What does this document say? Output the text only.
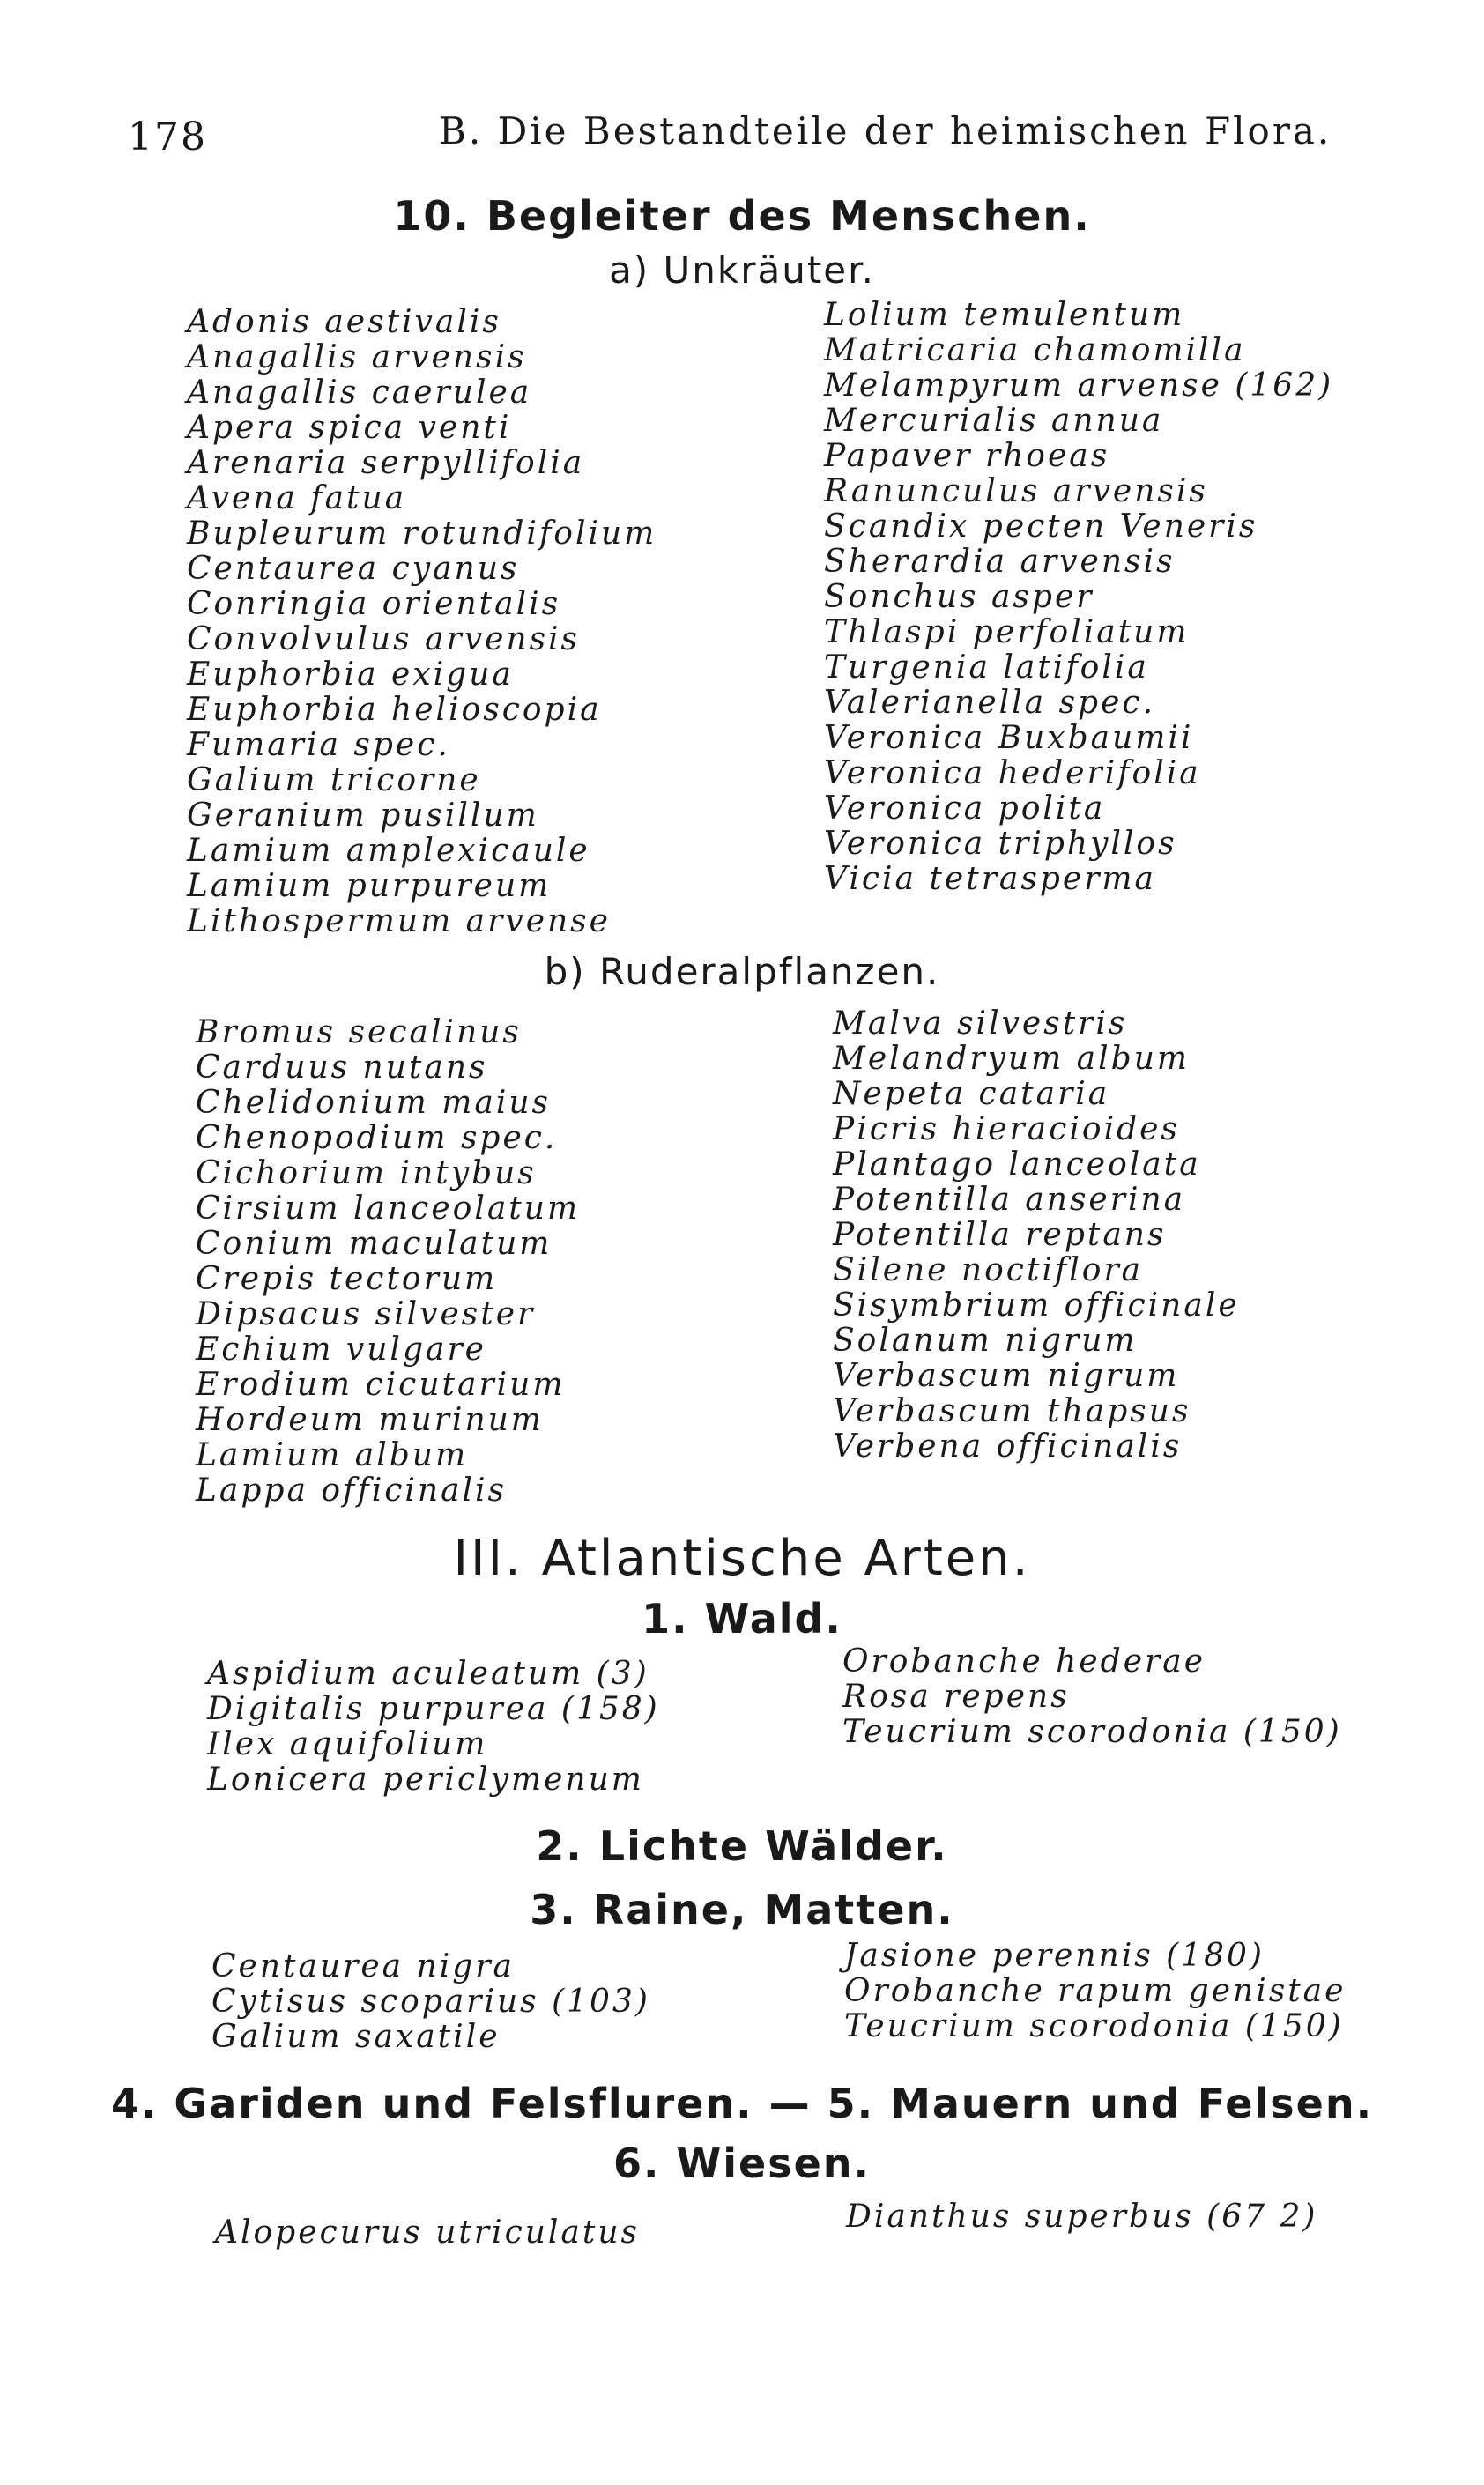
178	B. Die Bestandteile der heimischen Flora.
10. Begleiter des Menschen.
a) Unkräuter.
Adonis aestivalis
Anagallis arvensis
Anagallis caerulea
Apera spica venti
Arenaria serpyllifolia
Avena fatua
Bupleurum rotundifolium
Centaurea cyanus
Conringia orientalis
Convolvulus arvensis
Euphorbia exigua
Euphorbia helioscopia
Fumaria spec.
Galium tricorne
Geranium pusillum
Lamium amplexicaule
Lamium purpureum
Lithospermum arvense
Lolium temulentum
Matricaria chamomilla
Melampyrum arvense (162)
Mercurialis annua
Papaver rhoeas
Ranunculus arvensis
Scandix pecten Veneris
Sherardia arvensis
Sonchus asper
Thlaspi perfoliatum
Turgenia latifolia
Valerianella spec.
Veronica Buxbaumii
Veronica hederifolia
Veronica polita
Veronica triphyllos
Vicia tetrasperma
b) Ruderalpflanzen.
Bromus secalinus
Carduus nutans
Chelidonium maius
Chenopodium spec.
Cichorium intybus
Cirsium lanceolatum
Conium maculatum
Crepis tectorum
Dipsacus silvester
Echium vulgare
Erodium cicutarium
Hordeum murinum
Lamium album
Lappa officinalis
Malva silvestris
Melandryum album
Nepeta cataria
Picris hieracioides
Plantago lanceolata
Potentilla anserina
Potentilla reptans
Silene noctiflora
Sisymbrium officinale
Solanum nigrum
Verbascum nigrum
Verbascum thapsus
Verbena officinalis
III. Atlantische Arten.
1. Wald.
Aspidium aculeatum (3)
Digitalis purpurea (158)
Ilex aquifolium
Lonicera periclymenum
Orobanche hederae
Rosa repens
Teucrium scorodonia (150)
2. Lichte Wälder.
3. Raine, Matten.
Centaurea nigra
Cytisus scoparius (103)
Galium saxatile
Jasione perennis (180)
Orobanche rapum genistae
Teucrium scorodonia (150)
4. Gariden und Felsfluren. — 5. Mauern und Felsen.
6. Wiesen.
Alopecurus utriculatus	Dianthus superbus (67 2)
